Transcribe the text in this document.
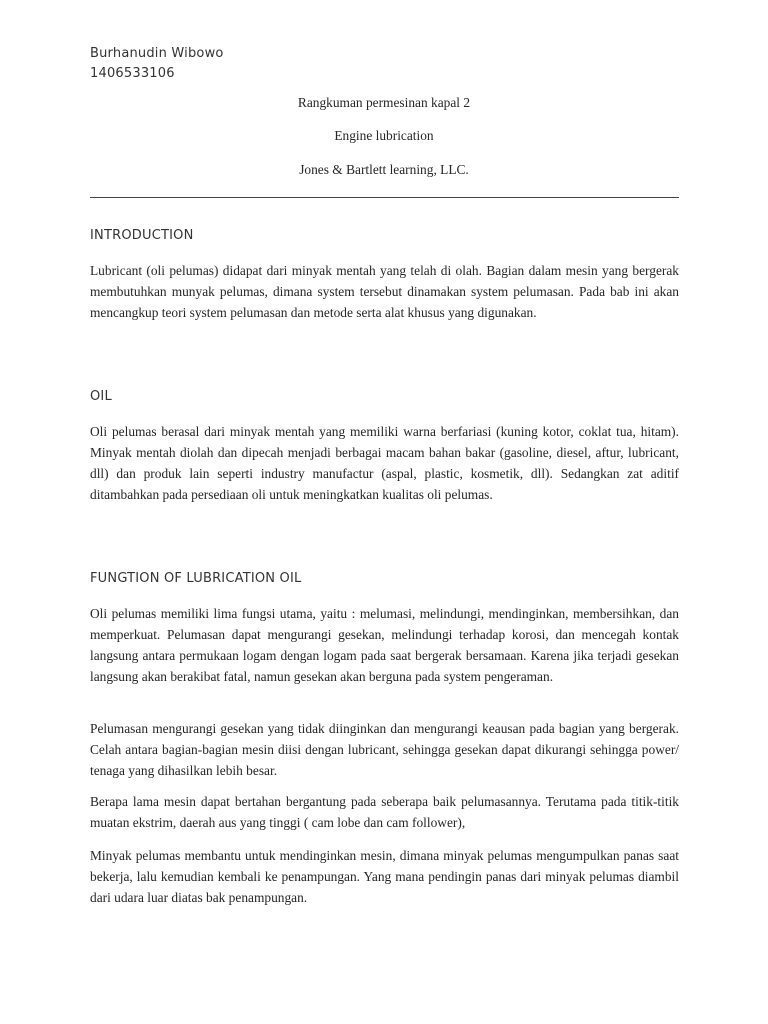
Burhanudin Wibowo
1406533106
Rangkuman permesinan kapal 2
Engine lubrication
Jones & Bartlett learning, LLC.
INTRODUCTION

Lubricant (oli pelumas) didapat dari minyak mentah yang telah di olah. Bagian dalam mesin yang bergerak membutuhkan munyak pelumas, dimana system tersebut dinamakan system pelumasan. Pada bab ini akan mencangkup teori system pelumasan dan metode serta alat khusus yang digunakan.

OIL

Oli pelumas berasal dari minyak mentah yang memiliki warna berfariasi (kuning kotor, coklat tua, hitam). Minyak mentah diolah dan dipecah menjadi berbagai macam bahan bakar (gasoline, diesel, aftur, lubricant, dll) dan produk lain seperti industry manufactur (aspal, plastic, kosmetik, dll). Sedangkan zat aditif ditambahkan pada persediaan oli untuk meningkatkan kualitas oli pelumas.

FUNGTION OF LUBRICATION OIL

Oli pelumas memiliki lima fungsi utama, yaitu : melumasi, melindungi, mendinginkan, membersihkan, dan memperkuat. Pelumasan dapat mengurangi gesekan, melindungi terhadap korosi, dan mencegah kontak langsung antara permukaan logam dengan logam pada saat bergerak bersamaan. Karena jika terjadi gesekan langsung akan berakibat fatal, namun gesekan akan berguna pada system pengeraman.

Pelumasan mengurangi gesekan yang tidak diinginkan dan mengurangi keausan pada bagian yang bergerak. Celah antara bagian-bagian mesin diisi dengan lubricant, sehingga gesekan dapat dikurangi sehingga power/ tenaga yang dihasilkan lebih besar.

Berapa lama mesin dapat bertahan bergantung pada seberapa baik pelumasannya. Terutama pada titik-titik muatan ekstrim, daerah aus yang tinggi ( cam lobe dan cam follower),

Minyak pelumas membantu untuk mendinginkan mesin, dimana minyak pelumas mengumpulkan panas saat bekerja, lalu kemudian kembali ke penampungan. Yang mana pendingin panas dari minyak pelumas diambil dari udara luar diatas bak penampungan.
